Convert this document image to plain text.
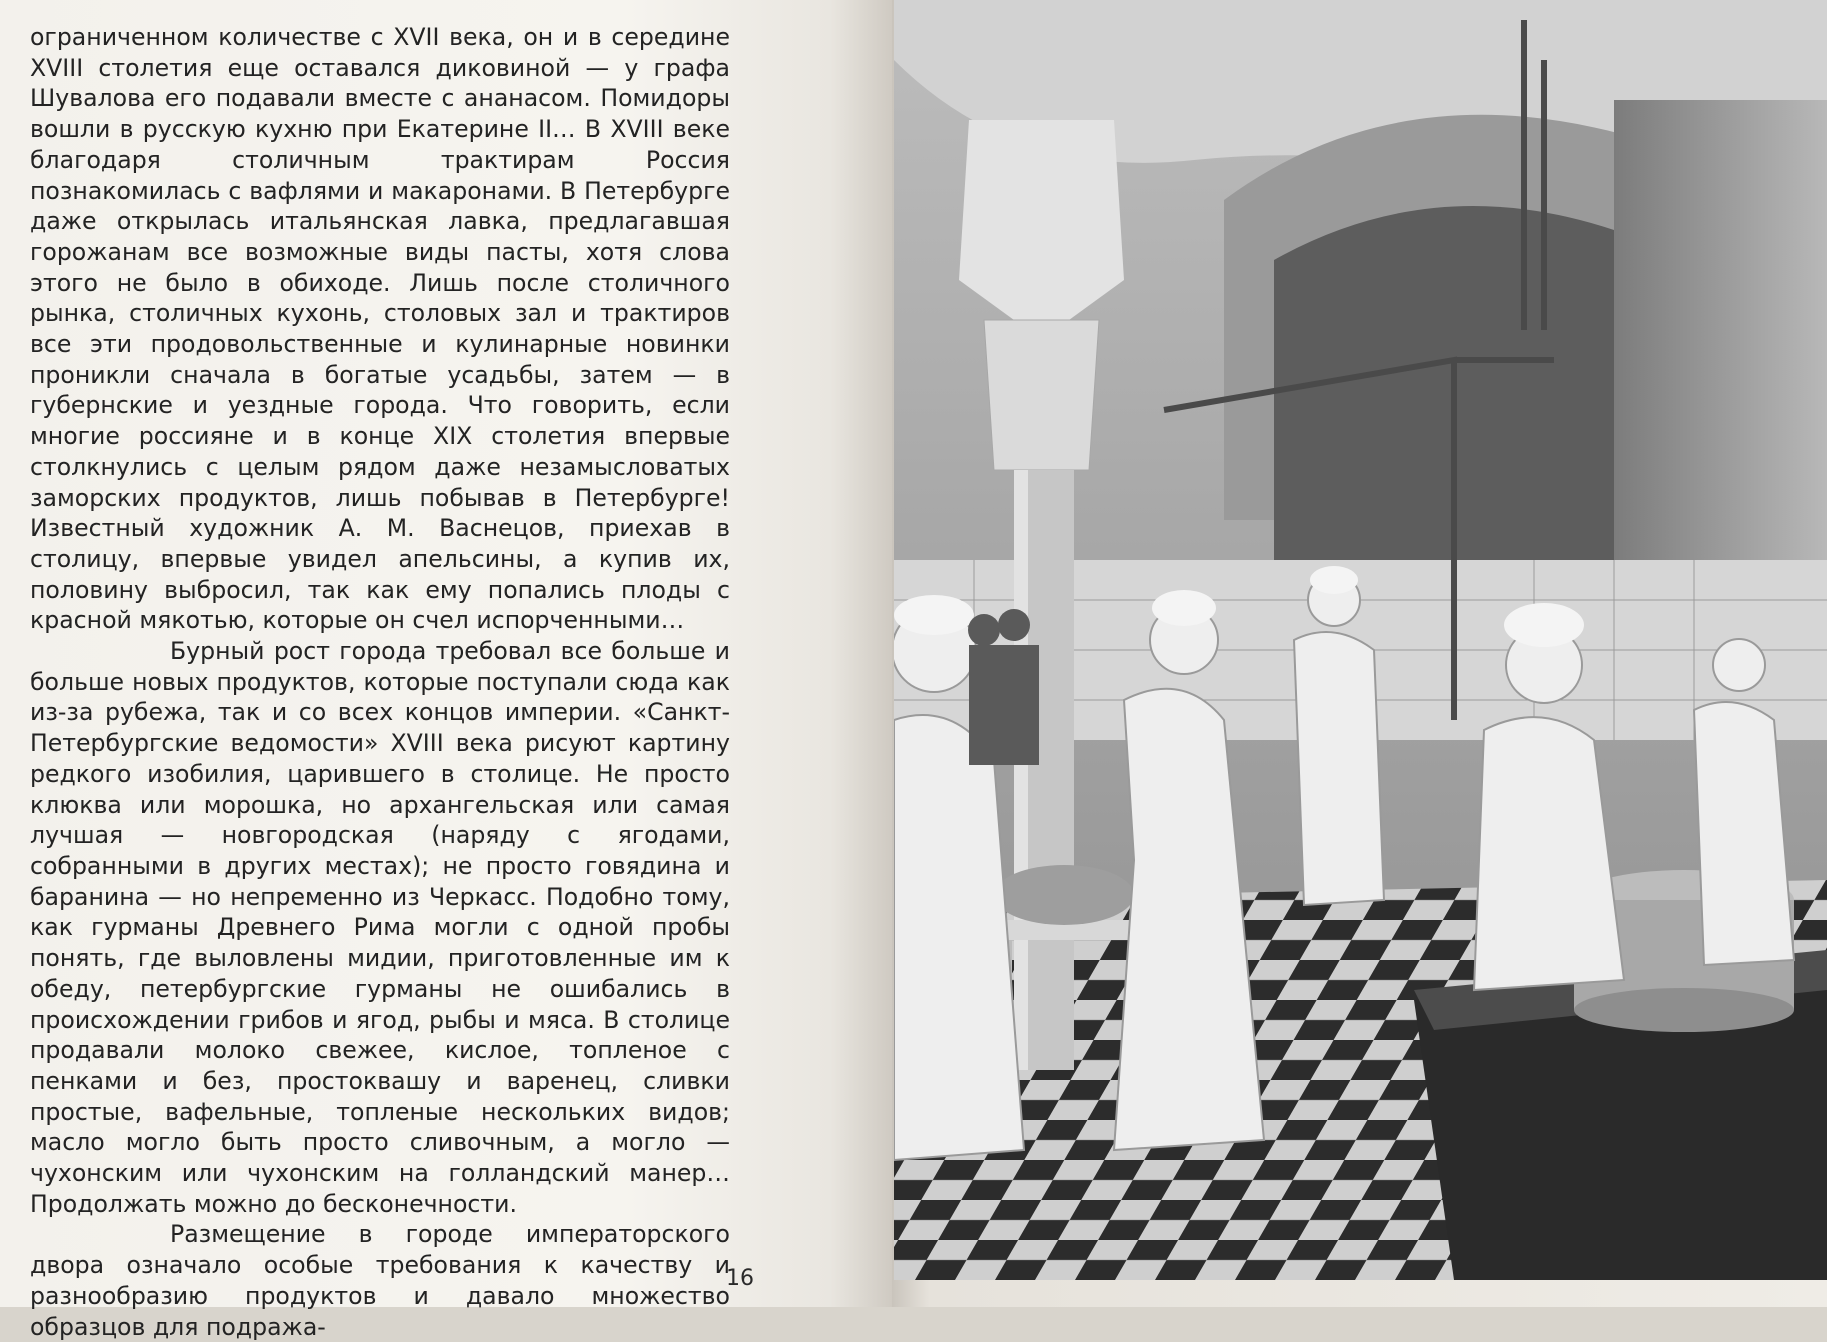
ограниченном количестве с XVII века, он и в середине XVIII столетия еще оставался диковиной — у графа Шувалова его подавали вместе с ананасом. Помидоры вошли в русскую кухню при Екатерине II… В XVIII веке благодаря столичным трактирам Россия познакомилась с вафлями и макаронами. В Петербурге даже открылась итальянская лавка, предлагавшая горожанам все возможные виды пасты, хотя слова этого не было в обиходе. Лишь после столичного рынка, столичных кухонь, столовых зал и трактиров все эти продовольственные и кулинарные новинки проникли сначала в богатые усадьбы, затем — в губернские и уездные города. Что говорить, если многие россияне и в конце XIX столетия впервые столкнулись с целым рядом даже незамысловатых заморских продуктов, лишь побывав в Петербурге! Известный художник А. М. Васнецов, приехав в столицу, впервые увидел апельсины, а купив их, половину выбросил, так как ему попались плоды с красной мякотью, которые он счел испорченными…

Бурный рост города требовал все больше и больше новых продуктов, которые поступали сюда как из-за рубежа, так и со всех концов империи. «Санкт-Петербургские ведомости» XVIII века рисуют картину редкого изобилия, царившего в столице. Не просто клюква или морошка, но архангельская или самая лучшая — новгородская (наряду с ягодами, собранными в других местах); не просто говядина и баранина — но непременно из Черкасс. Подобно тому, как гурманы Древнего Рима могли с одной пробы понять, где выловлены мидии, приготовленные им к обеду, петербургские гурманы не ошибались в происхождении грибов и ягод, рыбы и мяса. В столице продавали молоко свежее, кислое, топленое с пенками и без, простоквашу и варенец, сливки простые, вафельные, топленые нескольких видов; масло могло быть просто сливочным, а могло — чухонским или чухонским на голландский манер… Продолжать можно до бесконечности.

Размещение в городе императорского двора означало особые требования к качеству и разнообразию продуктов и давало множество образцов для подража-

16
